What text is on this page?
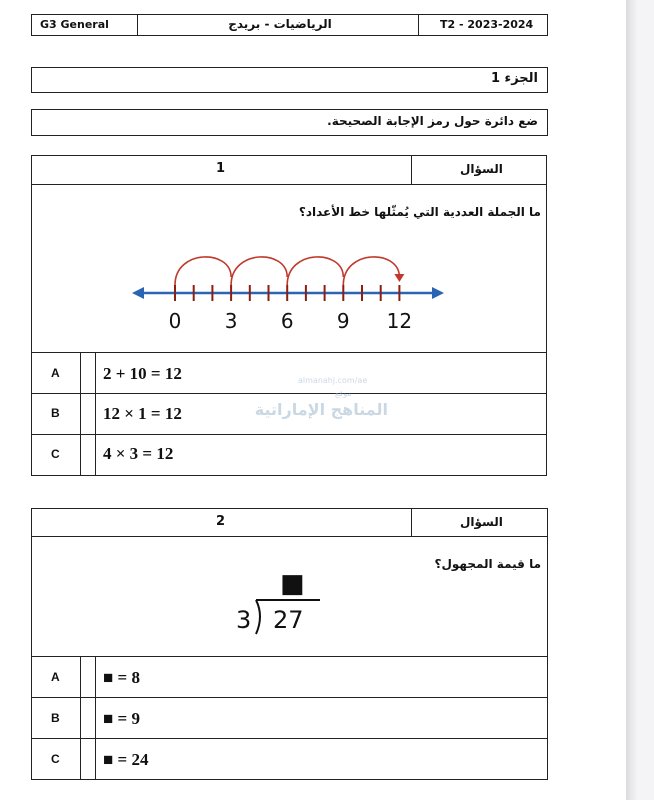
G3 General	الرياضيات - بريدج	T2 - 2023-2024
الجزء 1
ضع دائرة حول رمز الإجابة الصحيحة.
1	السؤال
ما الجملة العددية التي يُمثّلها خط الأعداد؟
0 3 6 9 12
A	2 + 10 = 12
B	12 × 1 = 12
C	4 × 3 = 12
almanahj.com/ae
موقع
المناهج الإماراتية
2	السؤال
ما قيمة المجهول؟
■
3 27
A	■ = 8
B	■ = 9
C	■ = 24
